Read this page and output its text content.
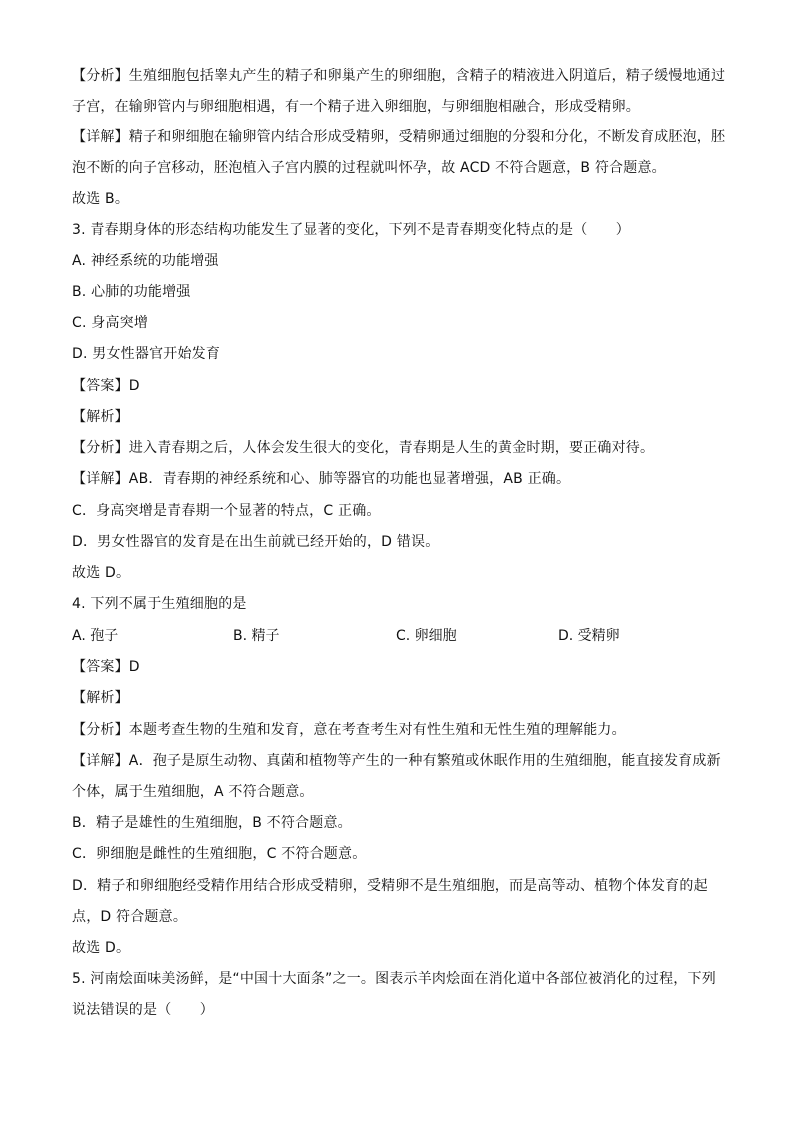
【分析】生殖细胞包括睾丸产生的精子和卵巢产生的卵细胞，含精子的精液进入阴道后，精子缓慢地通过
子宫，在输卵管内与卵细胞相遇，有一个精子进入卵细胞，与卵细胞相融合，形成受精卵。
【详解】精子和卵细胞在输卵管内结合形成受精卵，受精卵通过细胞的分裂和分化，不断发育成胚泡，胚
泡不断的向子宫移动，胚泡植入子宫内膜的过程就叫怀孕，故 ACD 不符合题意，B 符合题意。
故选 B。
3. 青春期身体的形态结构功能发生了显著的变化，下列不是青春期变化特点的是（　　）
A. 神经系统的功能增强
B. 心肺的功能增强
C. 身高突增
D. 男女性器官开始发育
【答案】D
【解析】
【分析】进入青春期之后，人体会发生很大的变化，青春期是人生的黄金时期，要正确对待。
【详解】AB．青春期的神经系统和心、肺等器官的功能也显著增强，AB 正确。
C．身高突增是青春期一个显著的特点，C 正确。
D．男女性器官的发育是在出生前就已经开始的，D 错误。
故选 D。
4. 下列不属于生殖细胞的是
A. 孢子	B. 精子	C. 卵细胞	D. 受精卵
【答案】D
【解析】
【分析】本题考查生物的生殖和发育，意在考查考生对有性生殖和无性生殖的理解能力。
【详解】A．孢子是原生动物、真菌和植物等产生的一种有繁殖或休眠作用的生殖细胞，能直接发育成新
个体，属于生殖细胞，A 不符合题意。
B．精子是雄性的生殖细胞，B 不符合题意。
C．卵细胞是雌性的生殖细胞，C 不符合题意。
D．精子和卵细胞经受精作用结合形成受精卵，受精卵不是生殖细胞，而是高等动、植物个体发育的起
点，D 符合题意。
故选 D。
5. 河南烩面味美汤鲜，是“中国十大面条”之一。图表示羊肉烩面在消化道中各部位被消化的过程，下列
说法错误的是（　　）
